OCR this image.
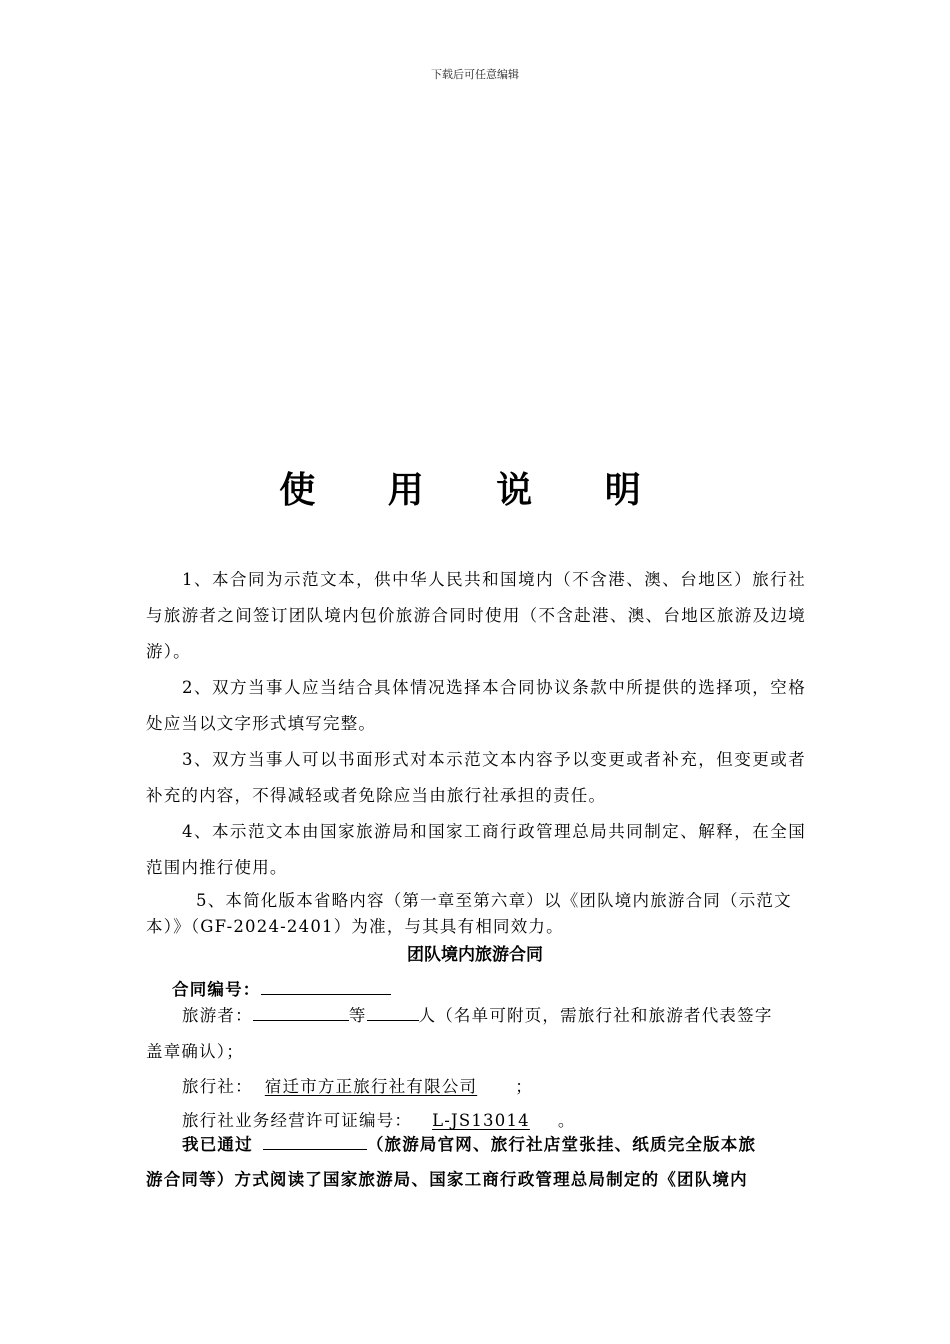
下载后可任意编辑
使 用 说 明
1、本合同为示范文本，供中华人民共和国境内（不含港、澳、台地区）旅行社与旅游者之间签订团队境内包价旅游合同时使用（不含赴港、澳、台地区旅游及边境游）。
2、双方当事人应当结合具体情况选择本合同协议条款中所提供的选择项，空格处应当以文字形式填写完整。
3、双方当事人可以书面形式对本示范文本内容予以变更或者补充，但变更或者补充的内容，不得减轻或者免除应当由旅行社承担的责任。
4、本示范文本由国家旅游局和国家工商行政管理总局共同制定、解释，在全国范围内推行使用。
5、本简化版本省略内容（第一章至第六章）以《团队境内旅游合同（示范文本）》（GF-2024-2401）为准，与其具有相同效力。
团队境内旅游合同
合同编号：
旅游者：	等	人（名单可附页，需旅行社和旅游者代表签字
盖章确认）；
旅行社： 宿迁市方正旅行社有限公司 ；
旅行社业务经营许可证编号： L-JS13014 。
我已通过	（旅游局官网、旅行社店堂张挂、纸质完全版本旅
游合同等）方式阅读了国家旅游局、国家工商行政管理总局制定的《团队境内
